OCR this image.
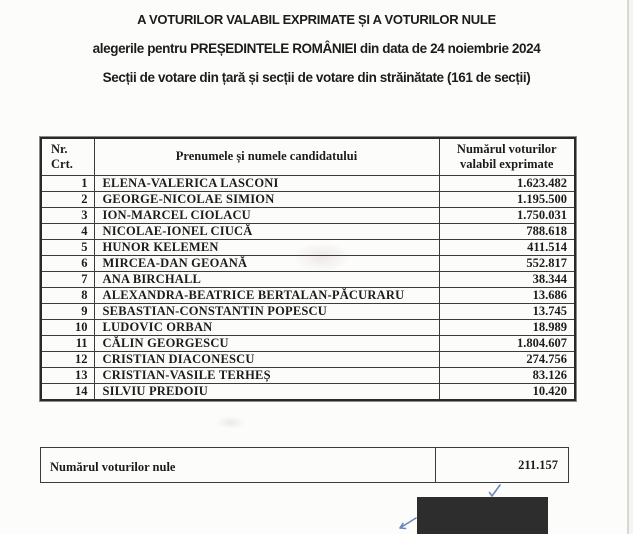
A VOTURILOR VALABIL EXPRIMATE ȘI A VOTURILOR NULE
alegerile pentru PREȘEDINTELE ROMÂNIEI din data de 24 noiembrie 2024
Secții de votare din țară și secții de votare din străinătate (161 de secții)
Nr.
Crt.
	Prenumele și numele candidatului	
Numărul voturilor
valabil exprimate

1	ELENA-VALERICA LASCONI	1.623.482
2	GEORGE-NICOLAE SIMION	1.195.500
3	ION-MARCEL CIOLACU	1.750.031
4	NICOLAE-IONEL CIUCĂ	788.618
5	HUNOR KELEMEN	411.514
6	MIRCEA-DAN GEOANĂ	552.817
7	ANA BIRCHALL	38.344
8	ALEXANDRA-BEATRICE BERTALAN-PĂCURARU	13.686
9	SEBASTIAN-CONSTANTIN POPESCU	13.745
10	LUDOVIC ORBAN	18.989
11	CĂLIN GEORGESCU	1.804.607
12	CRISTIAN DIACONESCU	274.756
13	CRISTIAN-VASILE TERHEȘ	83.126
14	SILVIU PREDOIU	10.420
Numărul voturilor nule	211.157
